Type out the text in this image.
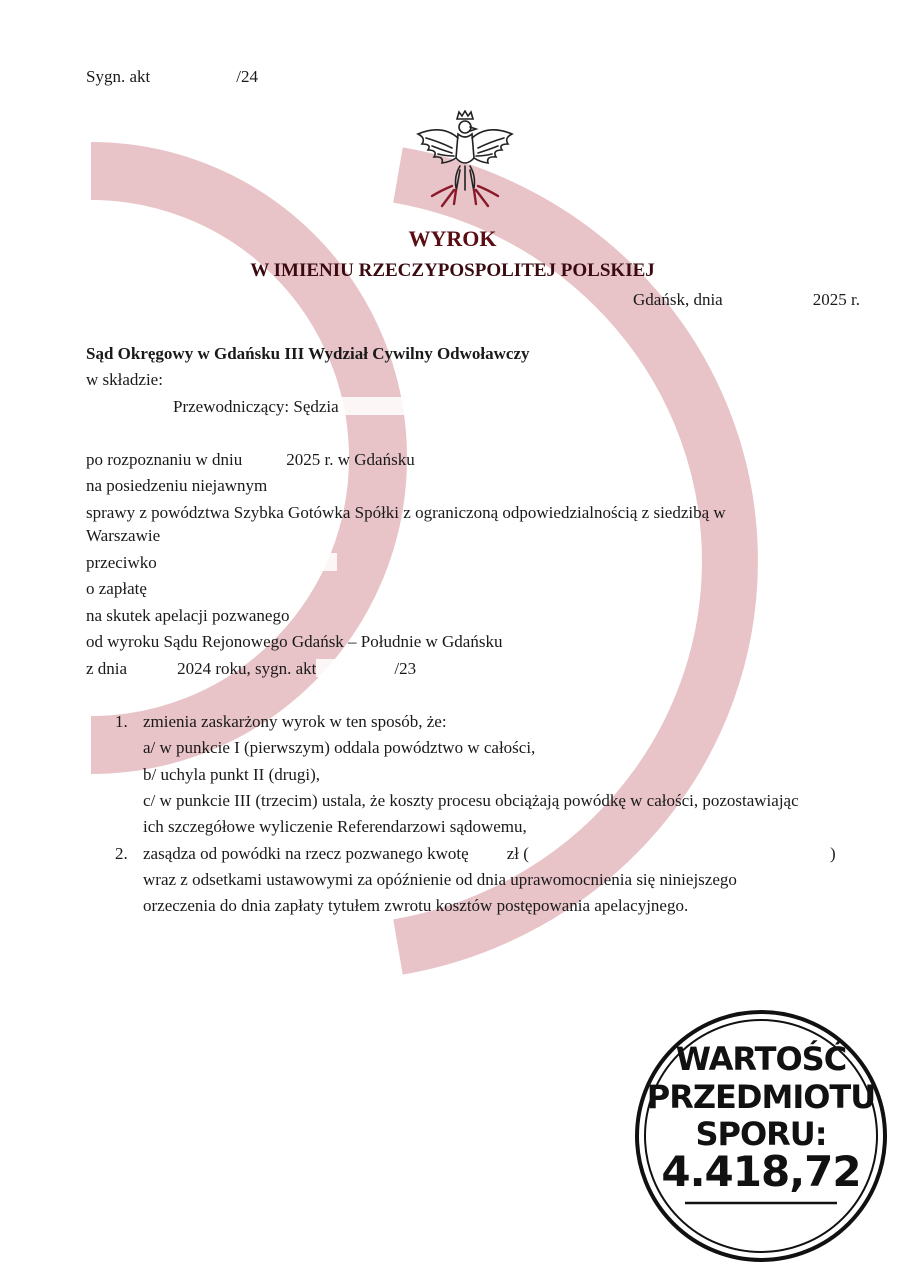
Sygn. akt	/24
WYROK
W IMIENIU RZECZYPOSPOLITEJ POLSKIEJ
Gdańsk, dnia	2025 r.
Sąd Okręgowy w Gdańsku III Wydział Cywilny Odwoławczy
w składzie:
Przewodniczący: Sędzia
po rozpoznaniu w dniu	2025 r. w Gdańsku
na posiedzeniu niejawnym
sprawy z powództwa Szybka Gotówka Spółki z ograniczoną odpowiedzialnością z siedzibą w
Warszawie
przeciwko
o zapłatę
na skutek apelacji pozwanego
od wyroku Sądu Rejonowego Gdańsk – Południe w Gdańsku
z dnia	2024 roku, sygn. akt	/23
1. zmienia zaskarżony wyrok w ten sposób, że:
a/ w punkcie I (pierwszym) oddala powództwo w całości,
b/ uchyla punkt II (drugi),
c/ w punkcie III (trzecim) ustala, że koszty procesu obciążają powódkę w całości, pozostawiając
ich szczegółowe wyliczenie Referendarzowi sądowemu,
2. zasądza od powódki na rzecz pozwanego kwotę zł (	)
wraz z odsetkami ustawowymi za opóźnienie od dnia uprawomocnienia się niniejszego
orzeczenia do dnia zapłaty tytułem zwrotu kosztów postępowania apelacyjnego.
WARTOŚĆ
PRZEDMIOTU
SPORU:
4.418,72
